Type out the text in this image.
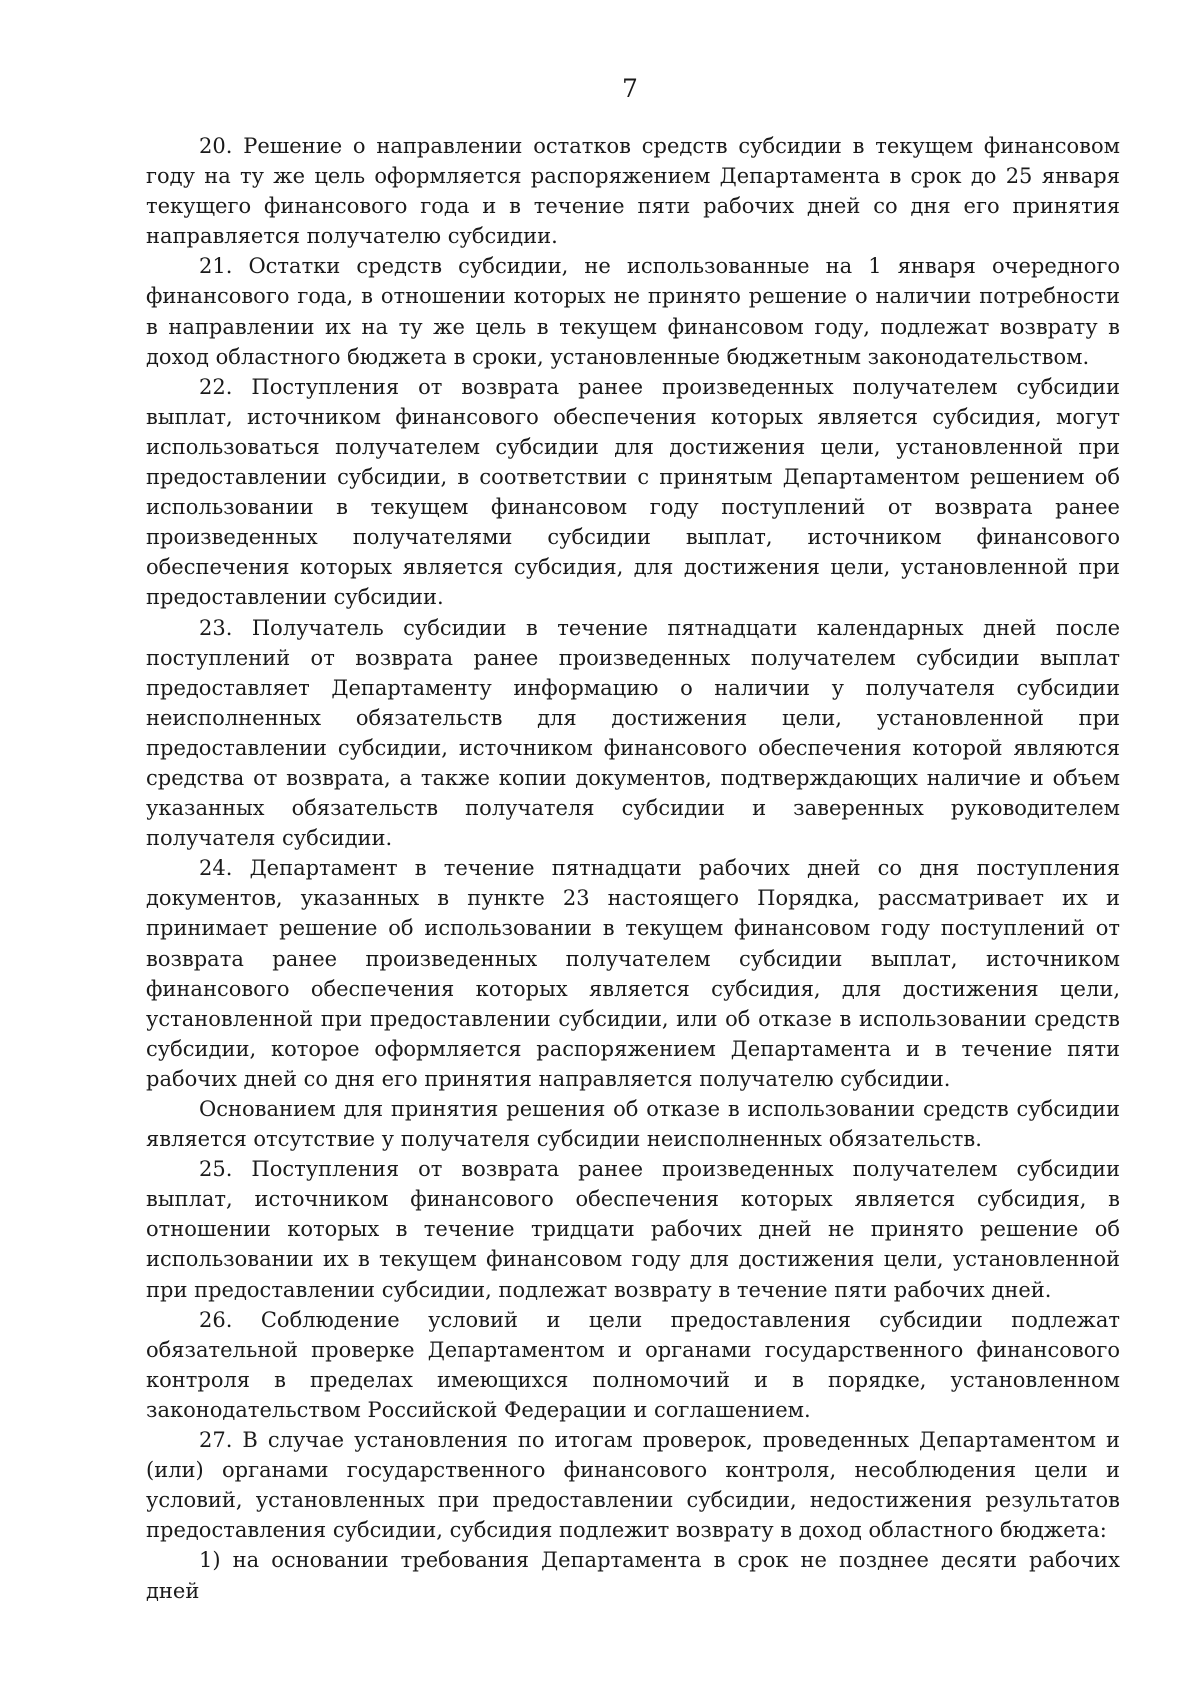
7

20. Решение о направлении остатков средств субсидии в текущем финансовом году на ту же цель оформляется распоряжением Департамента в срок до 25 января текущего финансового года и в течение пяти рабочих дней со дня его принятия направляется получателю субсидии.

21. Остатки средств субсидии, не использованные на 1 января очередного финансового года, в отношении которых не принято решение о наличии потребности в направлении их на ту же цель в текущем финансовом году, подлежат возврату в доход областного бюджета в сроки, установленные бюджетным законодательством.

22. Поступления от возврата ранее произведенных получателем субсидии выплат, источником финансового обеспечения которых является субсидия, могут использоваться получателем субсидии для достижения цели, установленной при предоставлении субсидии, в соответствии с принятым Департаментом решением об использовании в текущем финансовом году поступлений от возврата ранее произведенных получателями субсидии выплат, источником финансового обеспечения которых является субсидия, для достижения цели, установленной при предоставлении субсидии.

23. Получатель субсидии в течение пятнадцати календарных дней после поступлений от возврата ранее произведенных получателем субсидии выплат предоставляет Департаменту информацию о наличии у получателя субсидии неисполненных обязательств для достижения цели, установленной при предоставлении субсидии, источником финансового обеспечения которой являются средства от возврата, а также копии документов, подтверждающих наличие и объем указанных обязательств получателя субсидии и заверенных руководителем получателя субсидии.

24. Департамент в течение пятнадцати рабочих дней со дня поступления документов, указанных в пункте 23 настоящего Порядка, рассматривает их и принимает решение об использовании в текущем финансовом году поступлений от возврата ранее произведенных получателем субсидии выплат, источником финансового обеспечения которых является субсидия, для достижения цели, установленной при предоставлении субсидии, или об отказе в использовании средств субсидии, которое оформляется распоряжением Департамента и в течение пяти рабочих дней со дня его принятия направляется получателю субсидии.

Основанием для принятия решения об отказе в использовании средств субсидии является отсутствие у получателя субсидии неисполненных обязательств.

25. Поступления от возврата ранее произведенных получателем субсидии выплат, источником финансового обеспечения которых является субсидия, в отношении которых в течение тридцати рабочих дней не принято решение об использовании их в текущем финансовом году для достижения цели, установленной при предоставлении субсидии, подлежат возврату в течение пяти рабочих дней.

26. Соблюдение условий и цели предоставления субсидии подлежат обязательной проверке Департаментом и органами государственного финансового контроля в пределах имеющихся полномочий и в порядке, установленном законодательством Российской Федерации и соглашением.

27. В случае установления по итогам проверок, проведенных Департаментом и (или) органами государственного финансового контроля, несоблюдения цели и условий, установленных при предоставлении субсидии, недостижения результатов предоставления субсидии, субсидия подлежит возврату в доход областного бюджета:

1) на основании требования Департамента в срок не позднее десяти рабочих дней
